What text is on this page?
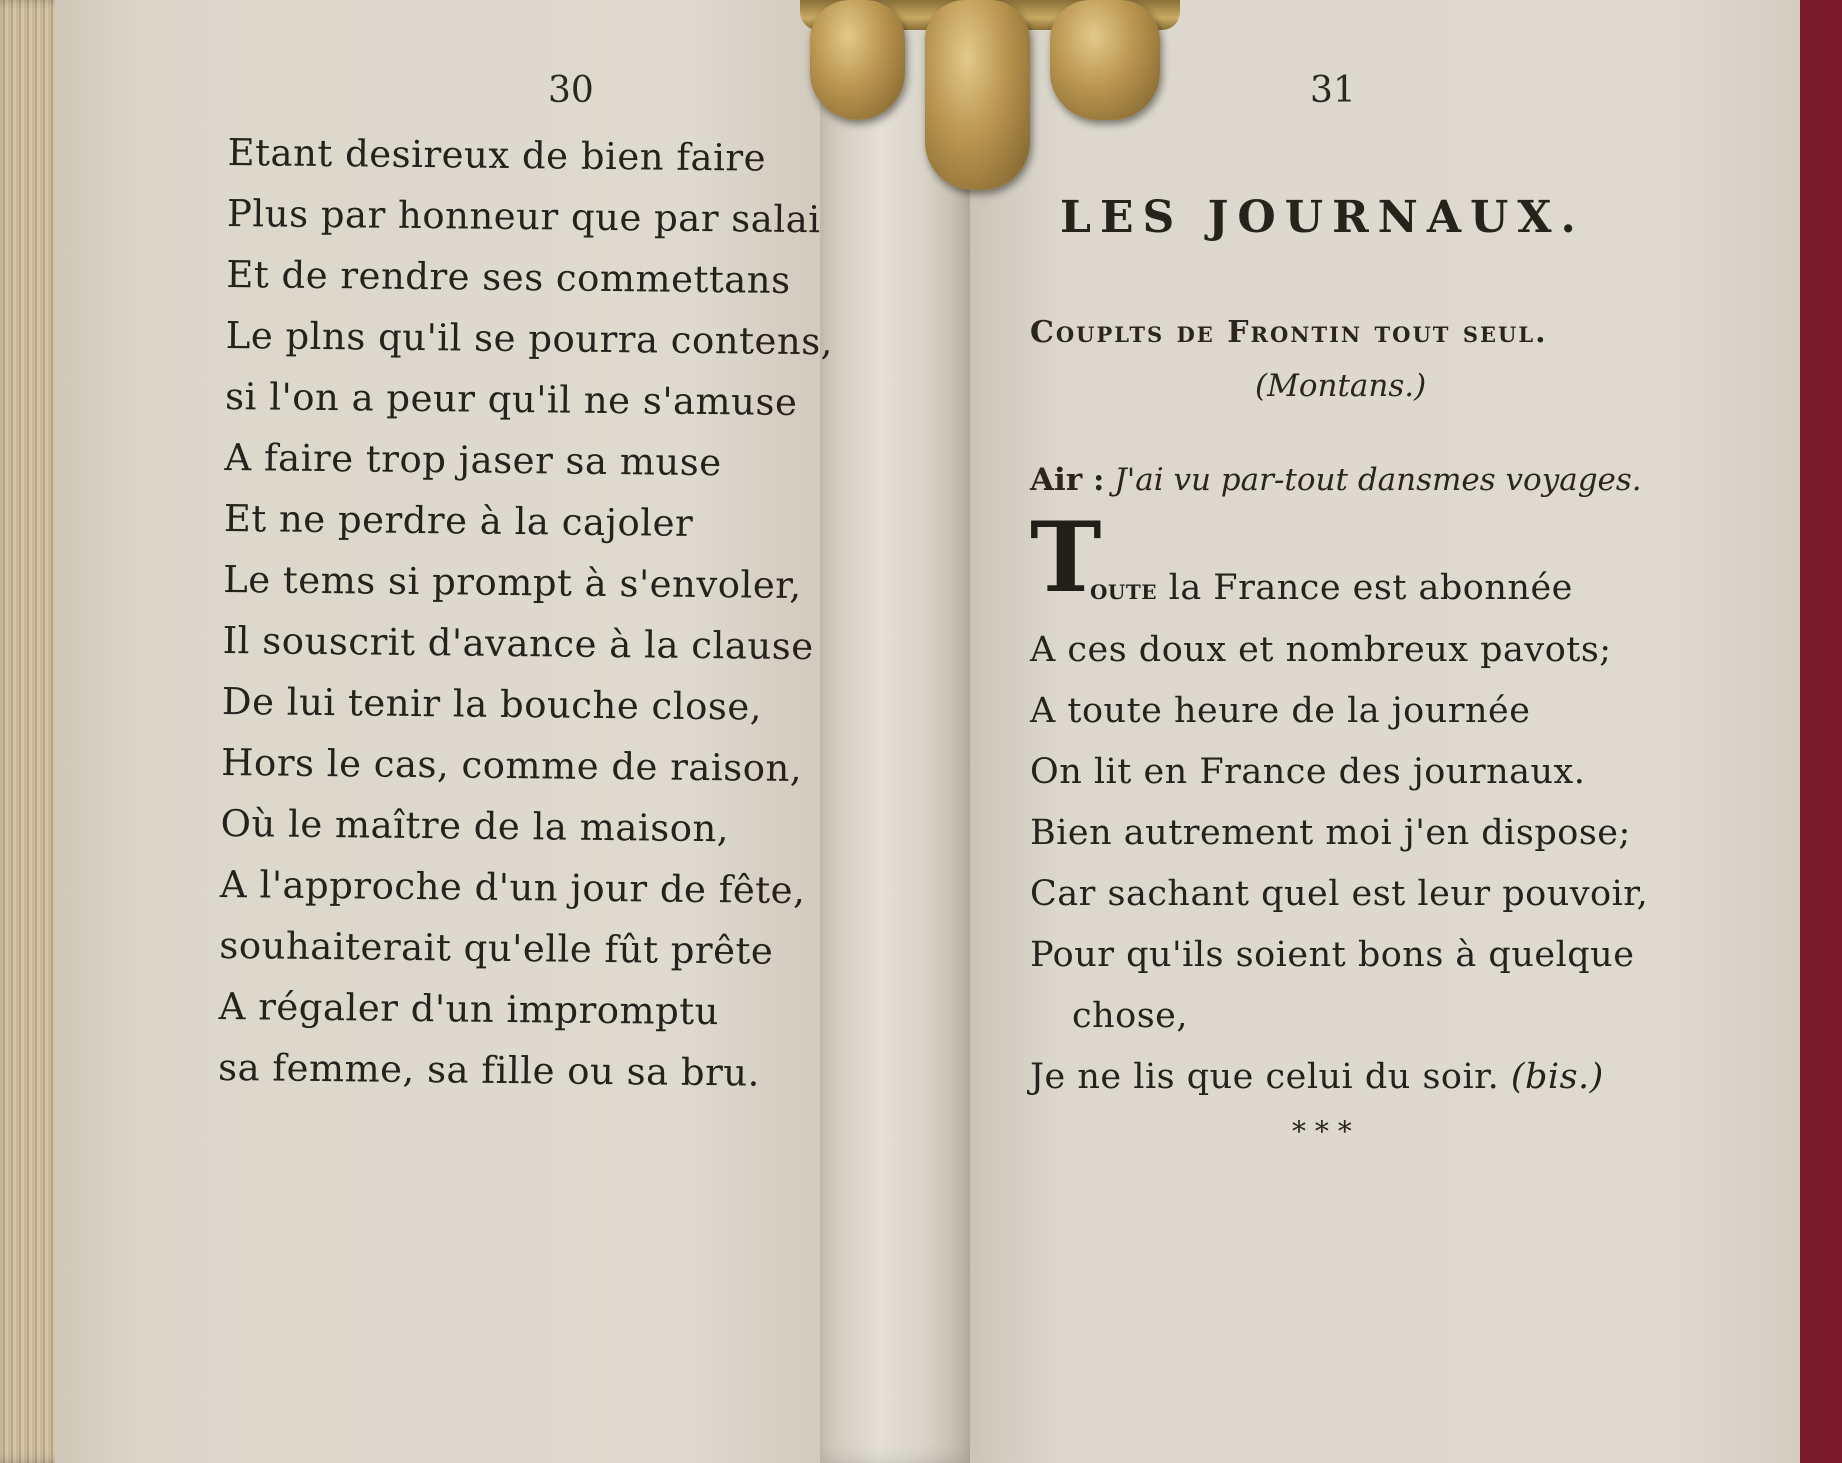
30
Etant desireux de bien faire
Plus par honneur que par salai
Et de rendre ses commettans
Le plns qu'il se pourra contens,
si l'on a peur qu'il ne s'amuse
A faire trop jaser sa muse
Et ne perdre à la cajoler
Le tems si prompt à s'envoler,
Il souscrit d'avance à la clause
De lui tenir la bouche close,
Hors le cas, comme de raison,
Où le maître de la maison,
A l'approche d'un jour de fête,
souhaiterait qu'elle fût prête
A régaler d'un impromptu
sa femme, sa fille ou sa bru.
31
LES JOURNAUX.
Couplts de Frontin tout seul.
(Montans.)
Air : J'ai vu par-tout dansmes voyages.
T
oute la France est abonnée
A ces doux et nombreux pavots;
A toute heure de la journée
On lit en France des journaux.
Bien autrement moi j'en dispose;
Car sachant quel est leur pouvoir,
Pour qu'ils soient bons à quelque
chose,
Je ne lis que celui du soir. (bis.)
* * *
